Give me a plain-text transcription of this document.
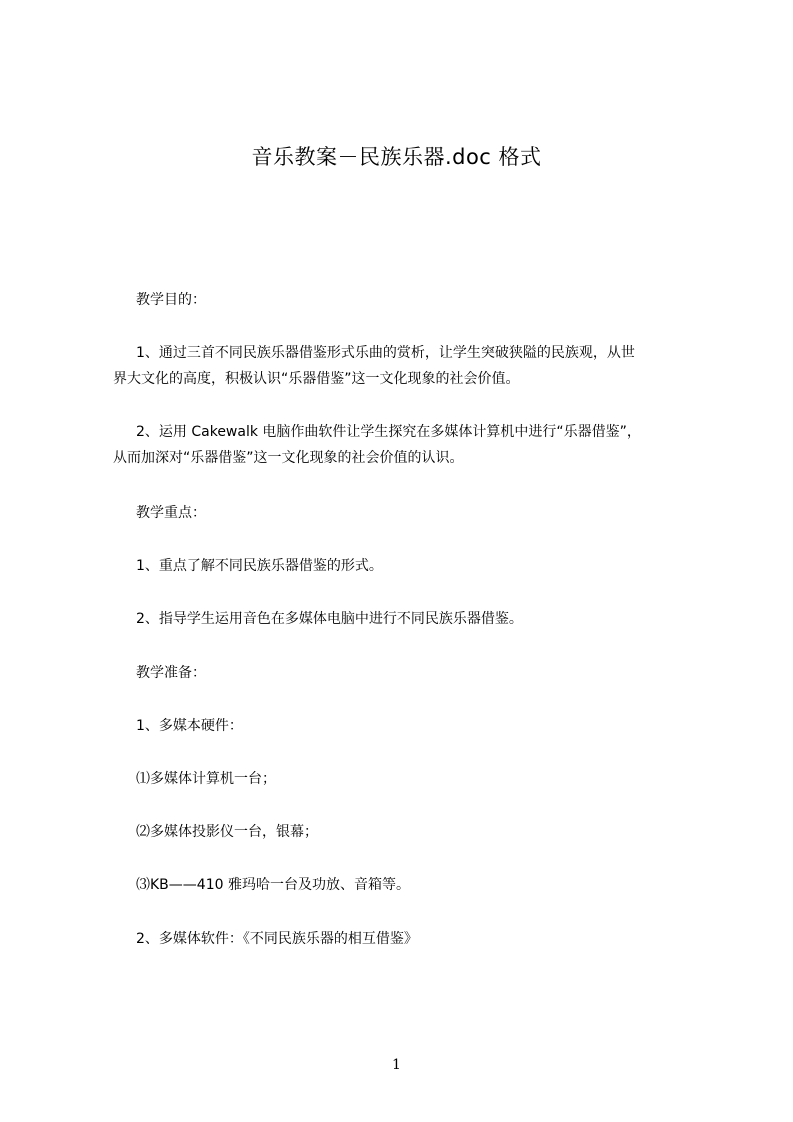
音乐教案－民族乐器.doc 格式
教学目的：
1、通过三首不同民族乐器借鉴形式乐曲的赏析，让学生突破狭隘的民族观，从世
界大文化的高度，积极认识“乐器借鉴”这一文化现象的社会价值。
2、运用 Cakewalk 电脑作曲软件让学生探究在多媒体计算机中进行“乐器借鉴”，
从而加深对“乐器借鉴”这一文化现象的社会价值的认识。
教学重点：
1、重点了解不同民族乐器借鉴的形式。
2、指导学生运用音色在多媒体电脑中进行不同民族乐器借鉴。
教学准备：
1、多媒本硬件：
⑴多媒体计算机一台；
⑵多媒体投影仪一台，银幕；
⑶KB——410 雅玛哈一台及功放、音箱等。
2、多媒体软件：《不同民族乐器的相互借鉴》
1
